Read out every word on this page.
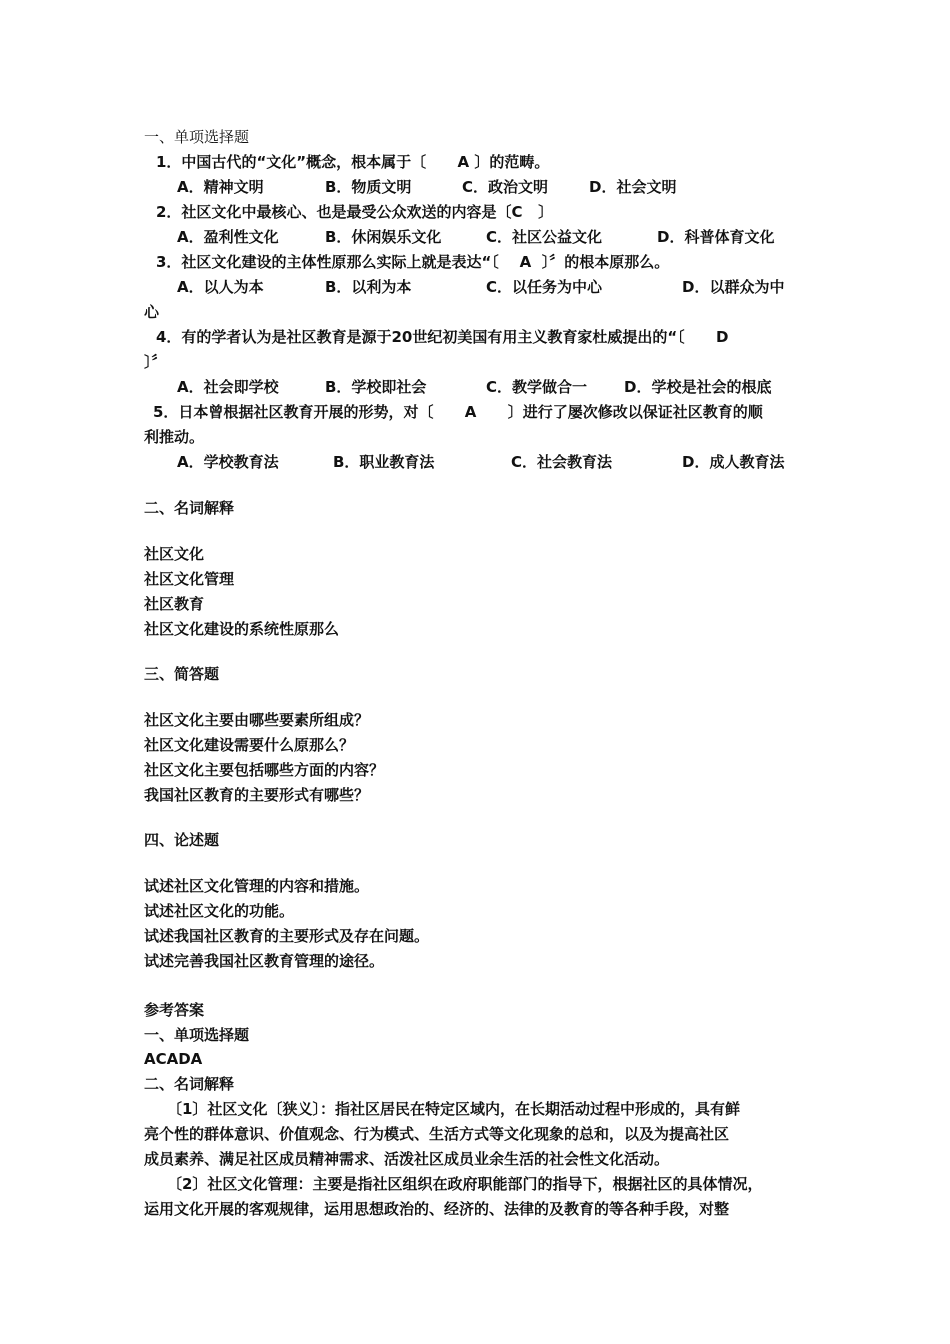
一、单项选择题
1．中国古代的“文化”概念，根本属于〔      A 〕的范畴。
A．精神文明	B．物质文明	C．政治文明	D．社会文明
2．社区文化中最核心、也是最受公众欢送的内容是〔C   〕
A．盈利性文化	B．休闲娱乐文化	C．社区公益文化	D．科普体育文化
3．社区文化建设的主体性原那么实际上就是表达“〔    A  〕〞的根本原那么。
A．以人为本	B．以利为本	C．以任务为中心	D．以群众为中
心
4．有的学者认为是社区教育是源于20世纪初美国有用主义教育家杜威提出的“〔      D
〕〞
A．社会即学校	B．学校即社会	C．教学做合一 D．学校是社会的根底
5．日本曾根据社区教育开展的形势，对〔      A      〕进行了屡次修改以保证社区教育的顺
利推动。
A．学校教育法	B．职业教育法	C．社会教育法	D．成人教育法
二、名词解释
社区文化
社区文化管理
社区教育
社区文化建设的系统性原那么
三、简答题
社区文化主要由哪些要素所组成？
社区文化建设需要什么原那么？
社区文化主要包括哪些方面的内容？
我国社区教育的主要形式有哪些？
四、论述题
试述社区文化管理的内容和措施。
试述社区文化的功能。
试述我国社区教育的主要形式及存在问题。
试述完善我国社区教育管理的途径。
参考答案
一、单项选择题
ACADA
二、名词解释
〔1〕社区文化〔狭义〕：指社区居民在特定区域内，在长期活动过程中形成的，具有鲜
亮个性的群体意识、价值观念、行为模式、生活方式等文化现象的总和，以及为提高社区
成员素养、满足社区成员精神需求、活泼社区成员业余生活的社会性文化活动。
〔2〕社区文化管理：主要是指社区组织在政府职能部门的指导下，根据社区的具体情况，
运用文化开展的客观规律，运用思想政治的、经济的、法律的及教育的等各种手段，对整
